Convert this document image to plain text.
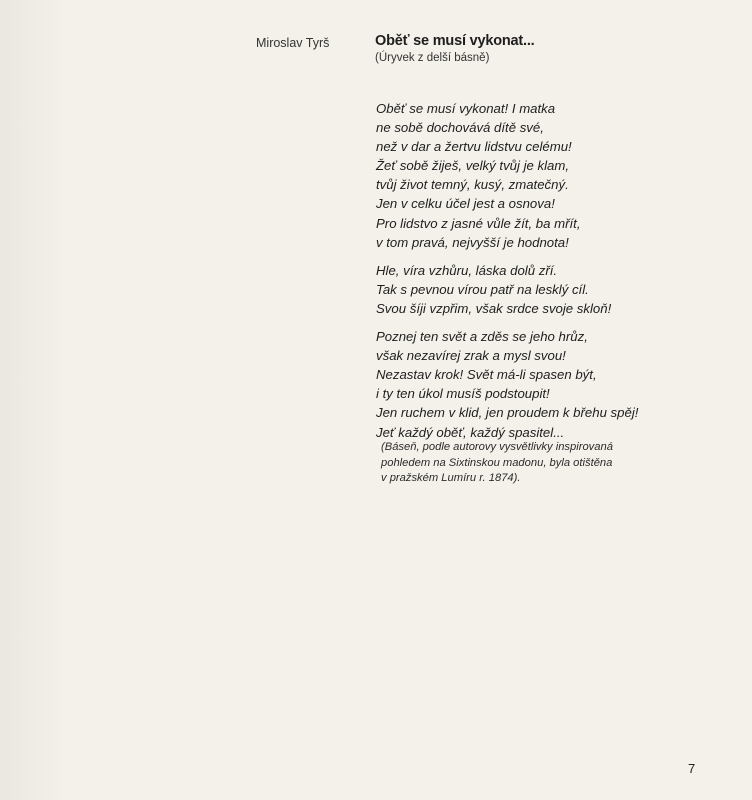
Miroslav Tyrš	Oběť se musí vykonat...
(Úryvek z delší básně)
Oběť se musí vykonat! I matka
ne sobě dochovává dítě své,
než v dar a žertvu lidstvu celému!
Žeť sobě žiješ, velký tvůj je klam,
tvůj život temný, kusý, zmatečný.
Jen v celku účel jest a osnova!
Pro lidstvo z jasné vůle žít, ba mřít,
v tom pravá, nejvyšší je hodnota!
Hle, víra vzhůru, láska dolů zří.
Tak s pevnou vírou patř na lesklý cíl.
Svou šíji vzpřim, však srdce svoje skloň!
Poznej ten svět a zděs se jeho hrůz,
však nezavírej zrak a mysl svou!
Nezastav krok! Svět má-li spasen být,
i ty ten úkol musíš podstoupit!
Jen ruchem v klid, jen proudem k břehu spěj!
Jeť každý oběť, každý spasitel...
(Báseň, podle autorovy vysvětlivky inspirovaná
pohledem na Sixtinskou madonu, byla otištěna
v pražském Lumíru r. 1874).
7
